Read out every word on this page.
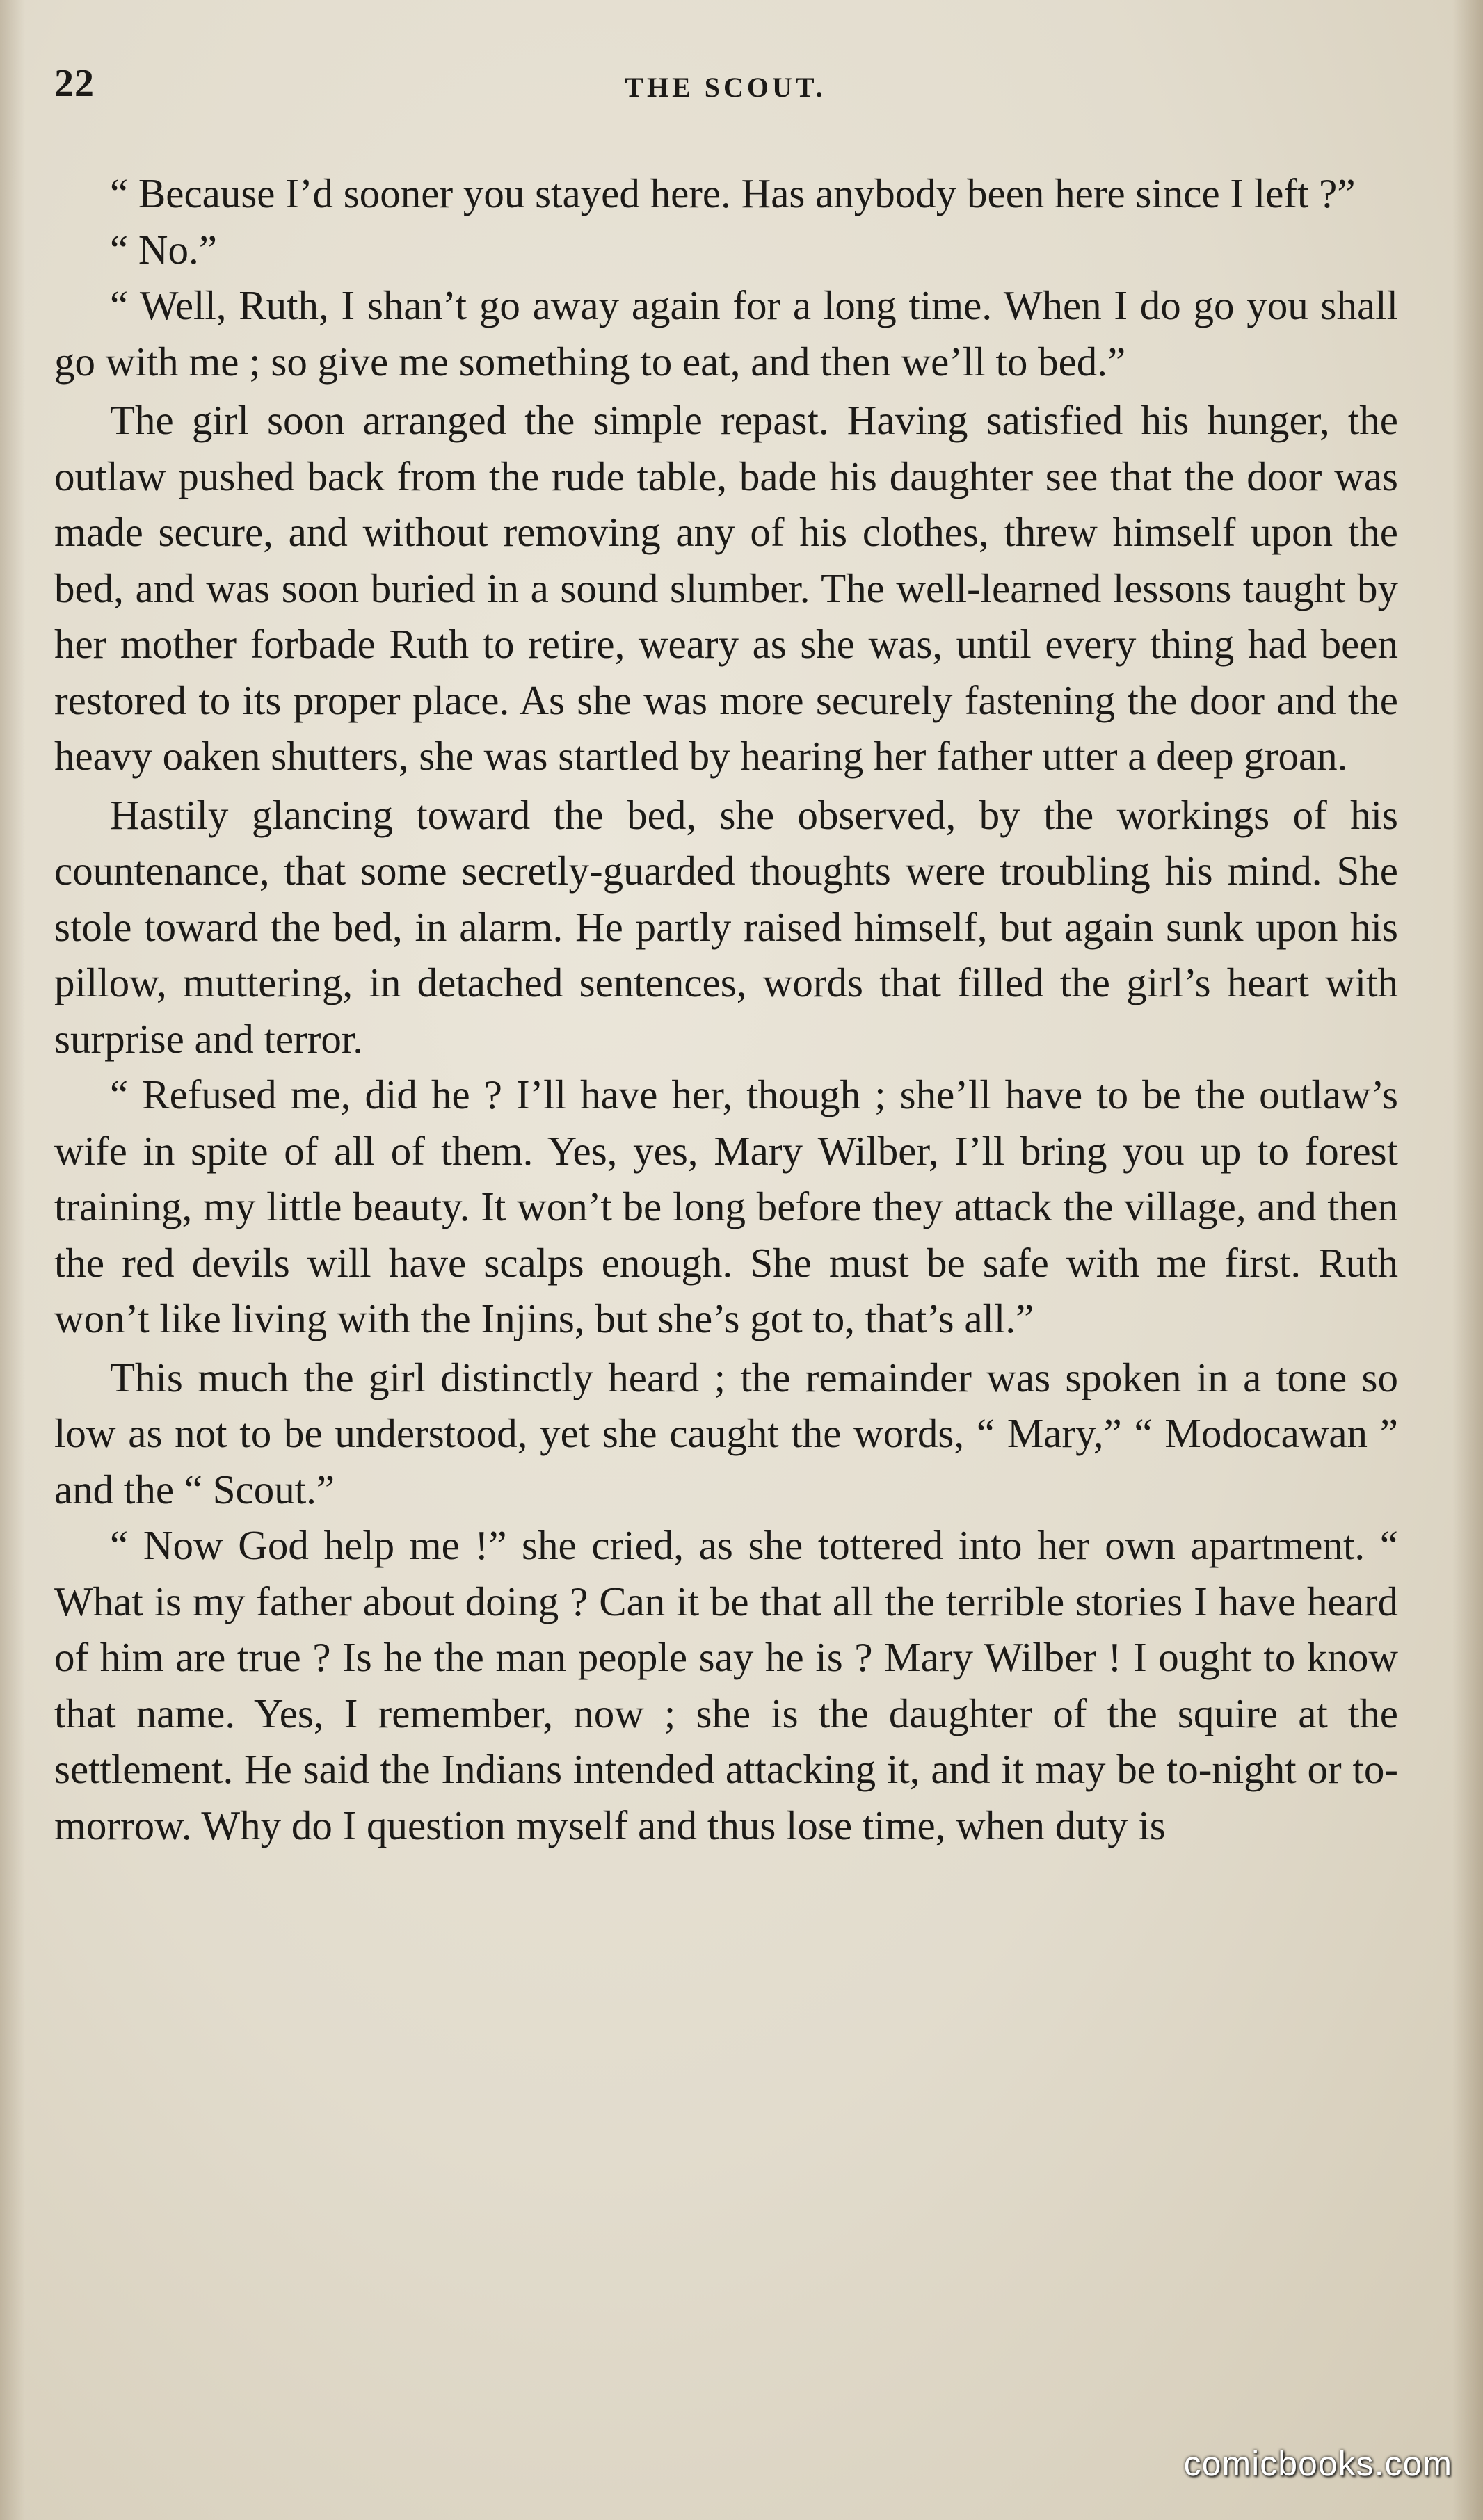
22	THE SCOUT.

“ Because I’d sooner you stayed here. Has anybody been here since I left ?”

“ No.”

“ Well, Ruth, I shan’t go away again for a long time. When I do go you shall go with me ; so give me something to eat, and then we’ll to bed.”

The girl soon arranged the simple repast. Having satisfied his hunger, the outlaw pushed back from the rude table, bade his daughter see that the door was made secure, and without removing any of his clothes, threw himself upon the bed, and was soon buried in a sound slumber. The well-learned lessons taught by her mother forbade Ruth to retire, weary as she was, until every thing had been restored to its proper place. As she was more securely fastening the door and the heavy oaken shutters, she was startled by hearing her father utter a deep groan.

Hastily glancing toward the bed, she observed, by the workings of his countenance, that some secretly-guarded thoughts were troubling his mind. She stole toward the bed, in alarm. He partly raised himself, but again sunk upon his pillow, muttering, in detached sentences, words that filled the girl’s heart with surprise and terror.

“ Refused me, did he ? I’ll have her, though ; she’ll have to be the outlaw’s wife in spite of all of them. Yes, yes, Mary Wilber, I’ll bring you up to forest training, my little beauty. It won’t be long before they attack the village, and then the red devils will have scalps enough. She must be safe with me first. Ruth won’t like living with the Injins, but she’s got to, that’s all.”

This much the girl distinctly heard ; the remainder was spoken in a tone so low as not to be understood, yet she caught the words, “ Mary,” “ Modocawan ” and the “ Scout.”

“ Now God help me !” she cried, as she tottered into her own apartment. “ What is my father about doing ? Can it be that all the terrible stories I have heard of him are true ? Is he the man people say he is ? Mary Wilber ! I ought to know that name. Yes, I remember, now ; she is the daughter of the squire at the settlement. He said the Indians intended attacking it, and it may be to-night or to-morrow. Why do I question myself and thus lose time, when duty is

comicbooks.com
